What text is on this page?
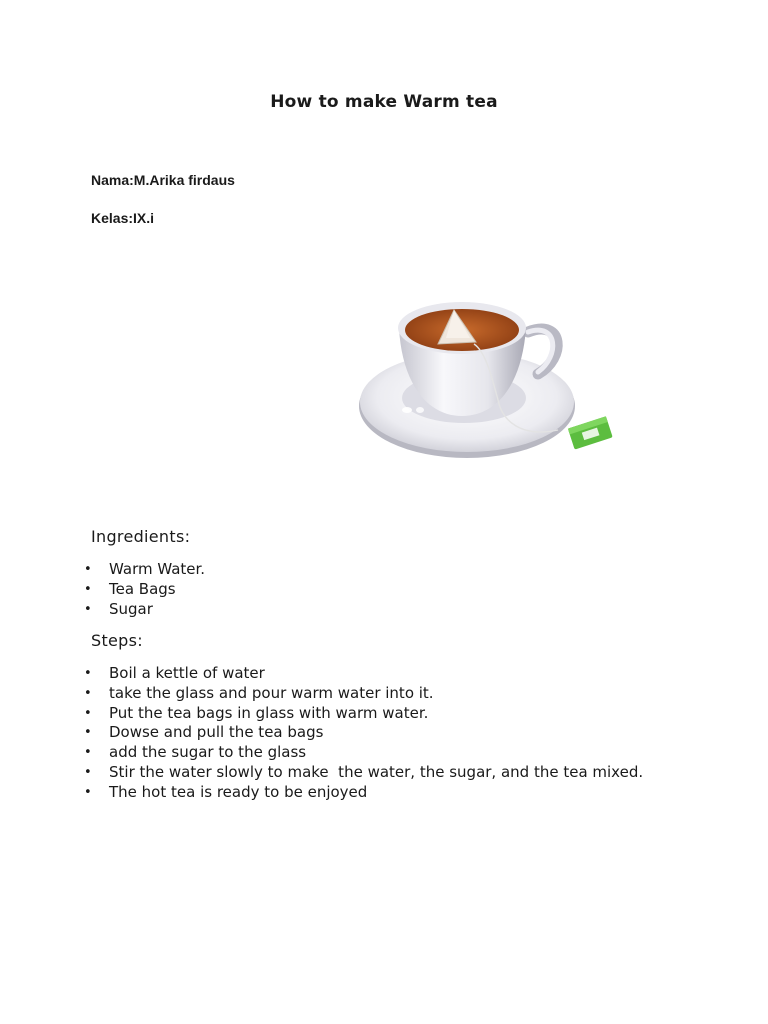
How to make Warm tea
Nama:M.Arika firdaus
Kelas:IX.i
Ingredients:
• Warm Water.
• Tea Bags
• Sugar
Steps:
• Boil a kettle of water
• take the glass and pour warm water into it.
• Put the tea bags in glass with warm water.
• Dowse and pull the tea bags
• add the sugar to the glass
• Stir the water slowly to make  the water, the sugar, and the tea mixed.
• The hot tea is ready to be enjoyed
